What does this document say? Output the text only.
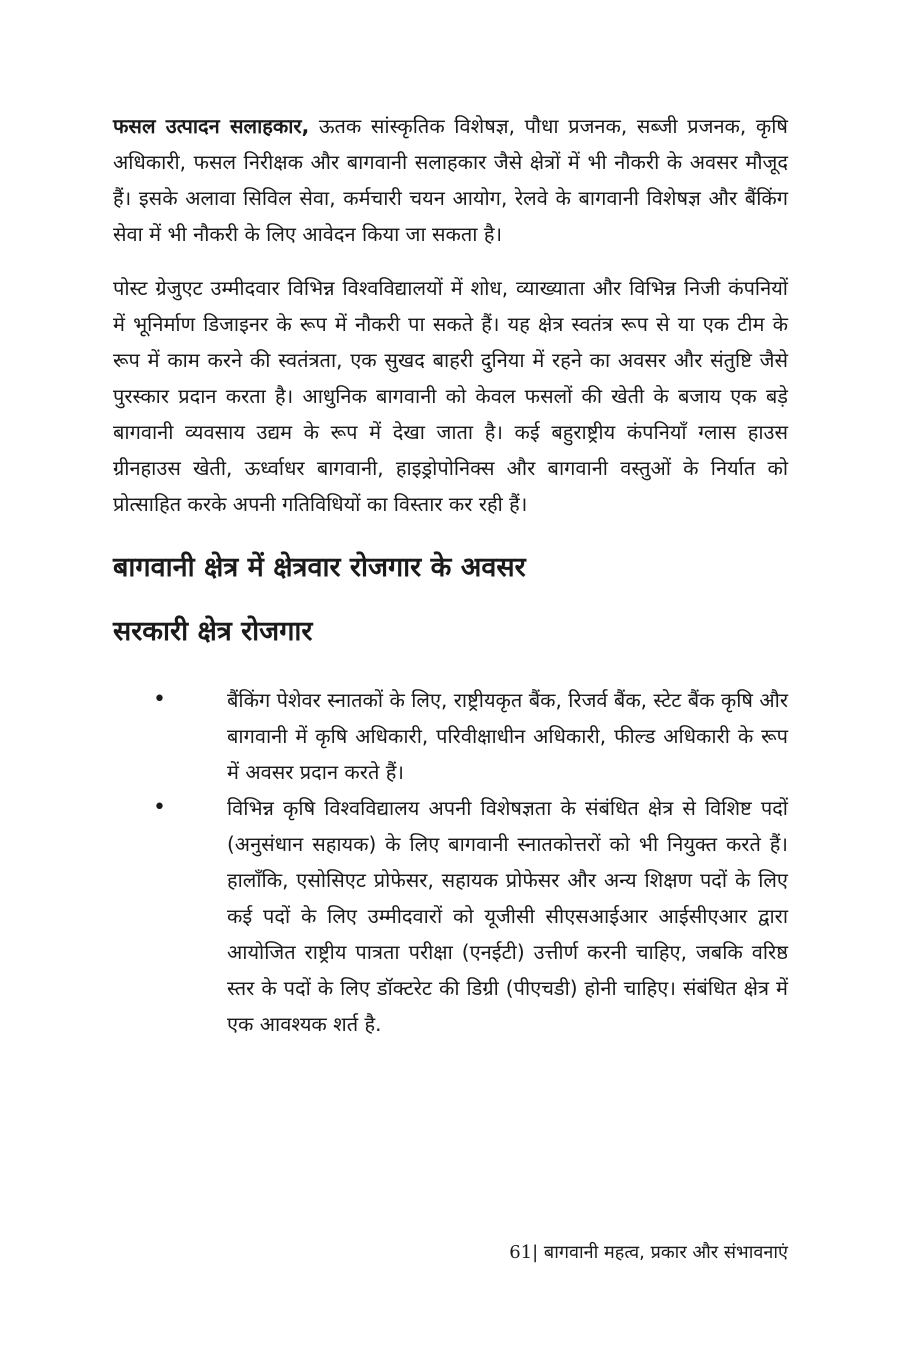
फसल उत्पादन सलाहकार, ऊतक सांस्कृतिक विशेषज्ञ, पौधा प्रजनक, सब्जी प्रजनक, कृषि अधिकारी, फसल निरीक्षक और बागवानी सलाहकार जैसे क्षेत्रों में भी नौकरी के अवसर मौजूद हैं। इसके अलावा सिविल सेवा, कर्मचारी चयन आयोग, रेलवे के बागवानी विशेषज्ञ और बैंकिंग सेवा में भी नौकरी के लिए आवेदन किया जा सकता है।

पोस्ट ग्रेजुएट उम्मीदवार विभिन्न विश्वविद्यालयों में शोध, व्याख्याता और विभिन्न निजी कंपनियों में भूनिर्माण डिजाइनर के रूप में नौकरी पा सकते हैं। यह क्षेत्र स्वतंत्र रूप से या एक टीम के रूप में काम करने की स्वतंत्रता, एक सुखद बाहरी दुनिया में रहने का अवसर और संतुष्टि जैसे पुरस्कार प्रदान करता है। आधुनिक बागवानी को केवल फसलों की खेती के बजाय एक बड़े बागवानी व्यवसाय उद्यम के रूप में देखा जाता है। कई बहुराष्ट्रीय कंपनियाँ ग्लास हाउस ग्रीनहाउस खेती, ऊर्ध्वाधर बागवानी, हाइड्रोपोनिक्स और बागवानी वस्तुओं के निर्यात को प्रोत्साहित करके अपनी गतिविधियों का विस्तार कर रही हैं।

बागवानी क्षेत्र में क्षेत्रवार रोजगार के अवसर
सरकारी क्षेत्र रोजगार
•	बैंकिंग पेशेवर स्नातकों के लिए, राष्ट्रीयकृत बैंक, रिजर्व बैंक, स्टेट बैंक कृषि और बागवानी में कृषि अधिकारी, परिवीक्षाधीन अधिकारी, फील्ड अधिकारी के रूप में अवसर प्रदान करते हैं।

•	विभिन्न कृषि विश्वविद्यालय अपनी विशेषज्ञता के संबंधित क्षेत्र से विशिष्ट पदों (अनुसंधान सहायक) के लिए बागवानी स्नातकोत्तरों को भी नियुक्त करते हैं। हालाँकि, एसोसिएट प्रोफेसर, सहायक प्रोफेसर और अन्य शिक्षण पदों के लिए कई पदों के लिए उम्मीदवारों को यूजीसी सीएसआईआर आईसीएआर द्वारा आयोजित राष्ट्रीय पात्रता परीक्षा (एनईटी) उत्तीर्ण करनी चाहिए, जबकि वरिष्ठ स्तर के पदों के लिए डॉक्टरेट की डिग्री (पीएचडी) होनी चाहिए। संबंधित क्षेत्र में एक आवश्यक शर्त है.

61| बागवानी महत्व, प्रकार और संभावनाएं
